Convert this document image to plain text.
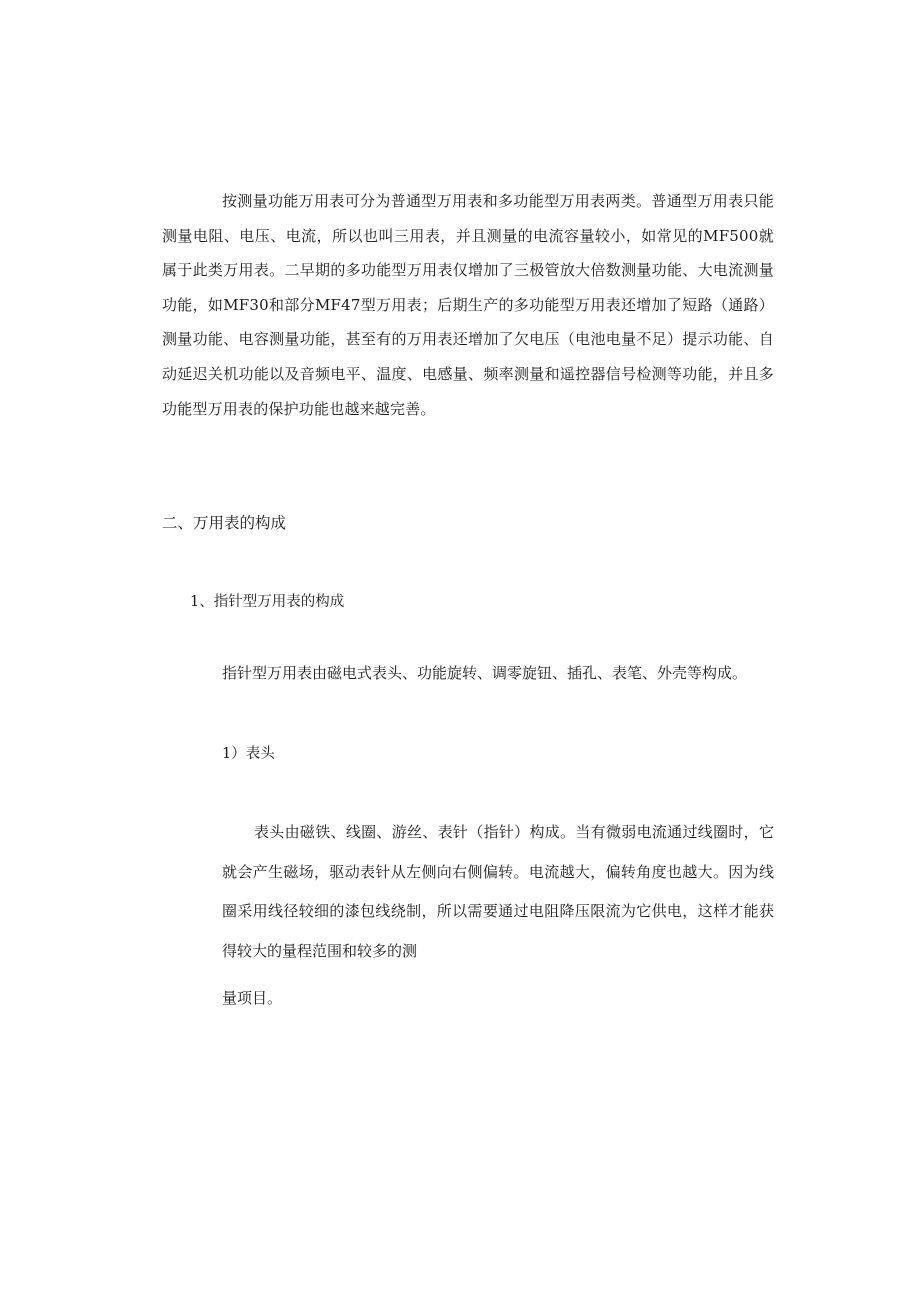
按测量功能万用表可分为普通型万用表和多功能型万用表两类。普通型万用表只能测量电阻、电压、电流，所以也叫三用表，并且测量的电流容量较小，如常见的MF500就属于此类万用表。二早期的多功能型万用表仅增加了三极管放大倍数测量功能、大电流测量功能，如MF30和部分MF47型万用表；后期生产的多功能型万用表还增加了短路（通路）测量功能、电容测量功能，甚至有的万用表还增加了欠电压（电池电量不足）提示功能、自动延迟关机功能以及音频电平、温度、电感量、频率测量和遥控器信号检测等功能，并且多功能型万用表的保护功能也越来越完善。

二、万用表的构成
1、指针型万用表的构成
指针型万用表由磁电式表头、功能旋转、调零旋钮、插孔、表笔、外壳等构成。
1）表头

表头由磁铁、线圈、游丝、表针（指针）构成。当有微弱电流通过线圈时，它就会产生磁场，驱动表针从左侧向右侧偏转。电流越大，偏转角度也越大。因为线圈采用线径较细的漆包线绕制，所以需要通过电阻降压限流为它供电，这样才能获得较大的量程范围和较多的测

量项目。
